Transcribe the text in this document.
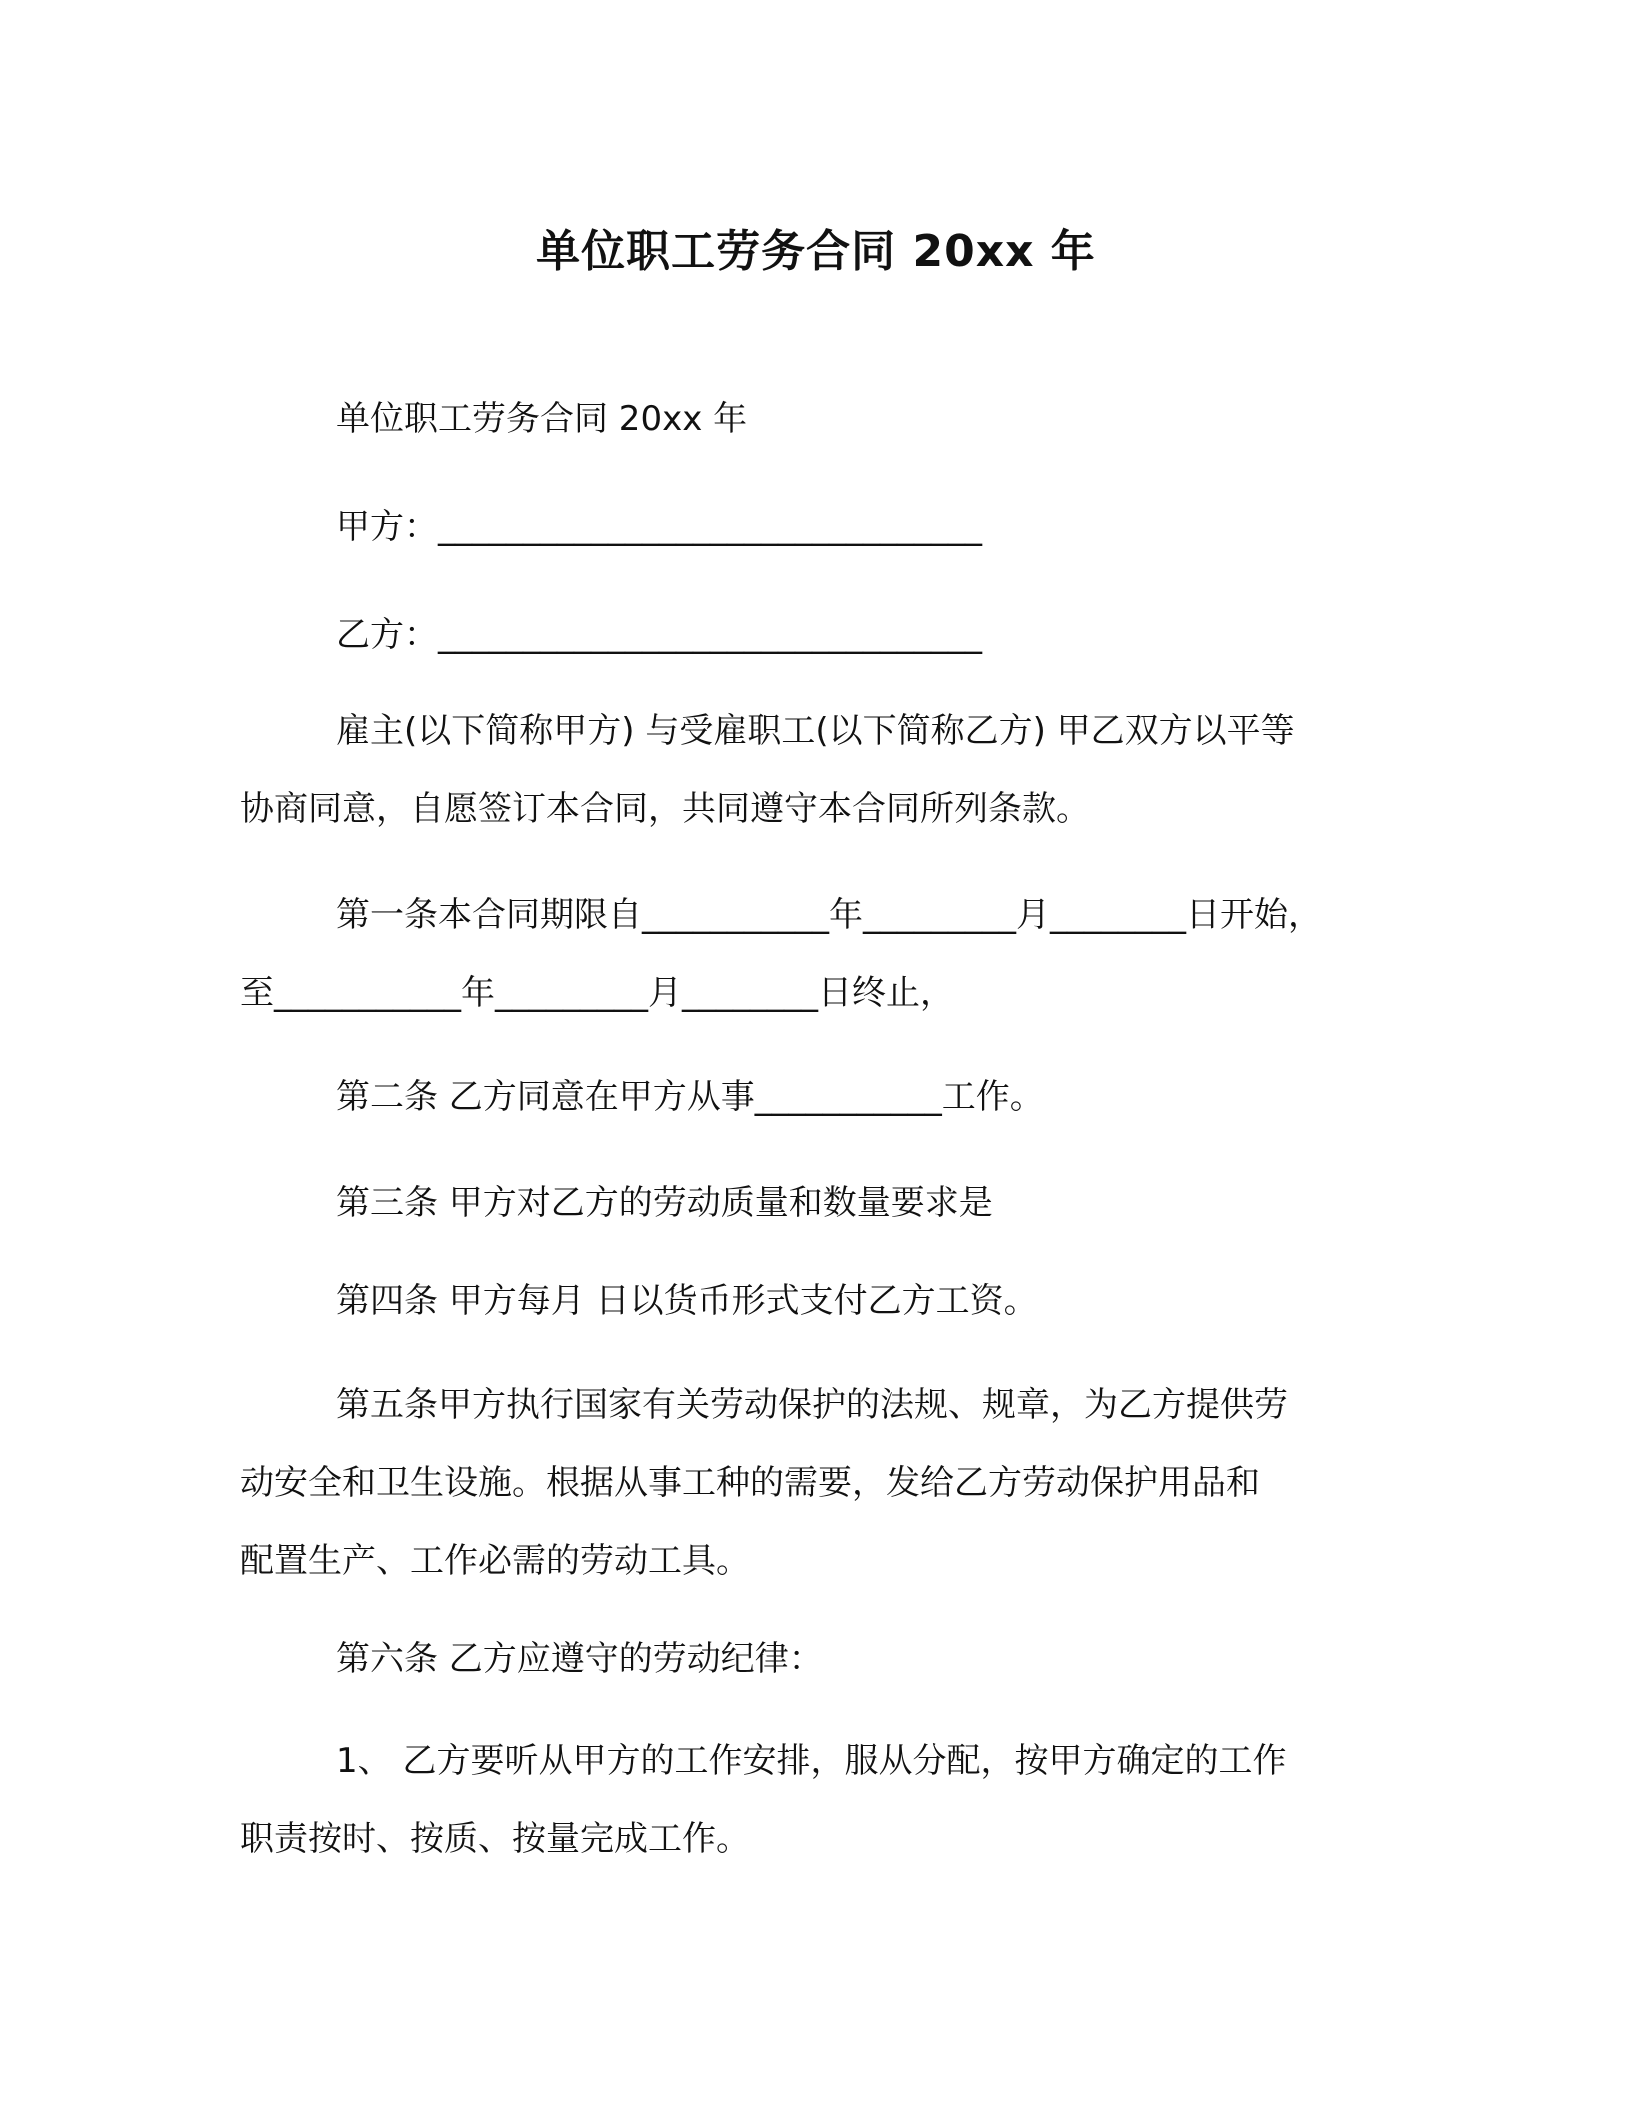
单位职工劳务合同 20xx 年
单位职工劳务合同 20xx 年
甲方：________________________________
乙方：________________________________
雇主(以下简称甲方) 与受雇职工(以下简称乙方) 甲乙双方以平等
协商同意，自愿签订本合同，共同遵守本合同所列条款。
第一条本合同期限自___________年_________月________日开始，
至___________年_________月________日终止，
第二条 乙方同意在甲方从事___________工作。
第三条 甲方对乙方的劳动质量和数量要求是
第四条 甲方每月 日以货币形式支付乙方工资。
第五条甲方执行国家有关劳动保护的法规、规章，为乙方提供劳
动安全和卫生设施。根据从事工种的需要，发给乙方劳动保护用品和
配置生产、工作必需的劳动工具。
第六条 乙方应遵守的劳动纪律：
1、 乙方要听从甲方的工作安排，服从分配，按甲方确定的工作
职责按时、按质、按量完成工作。
